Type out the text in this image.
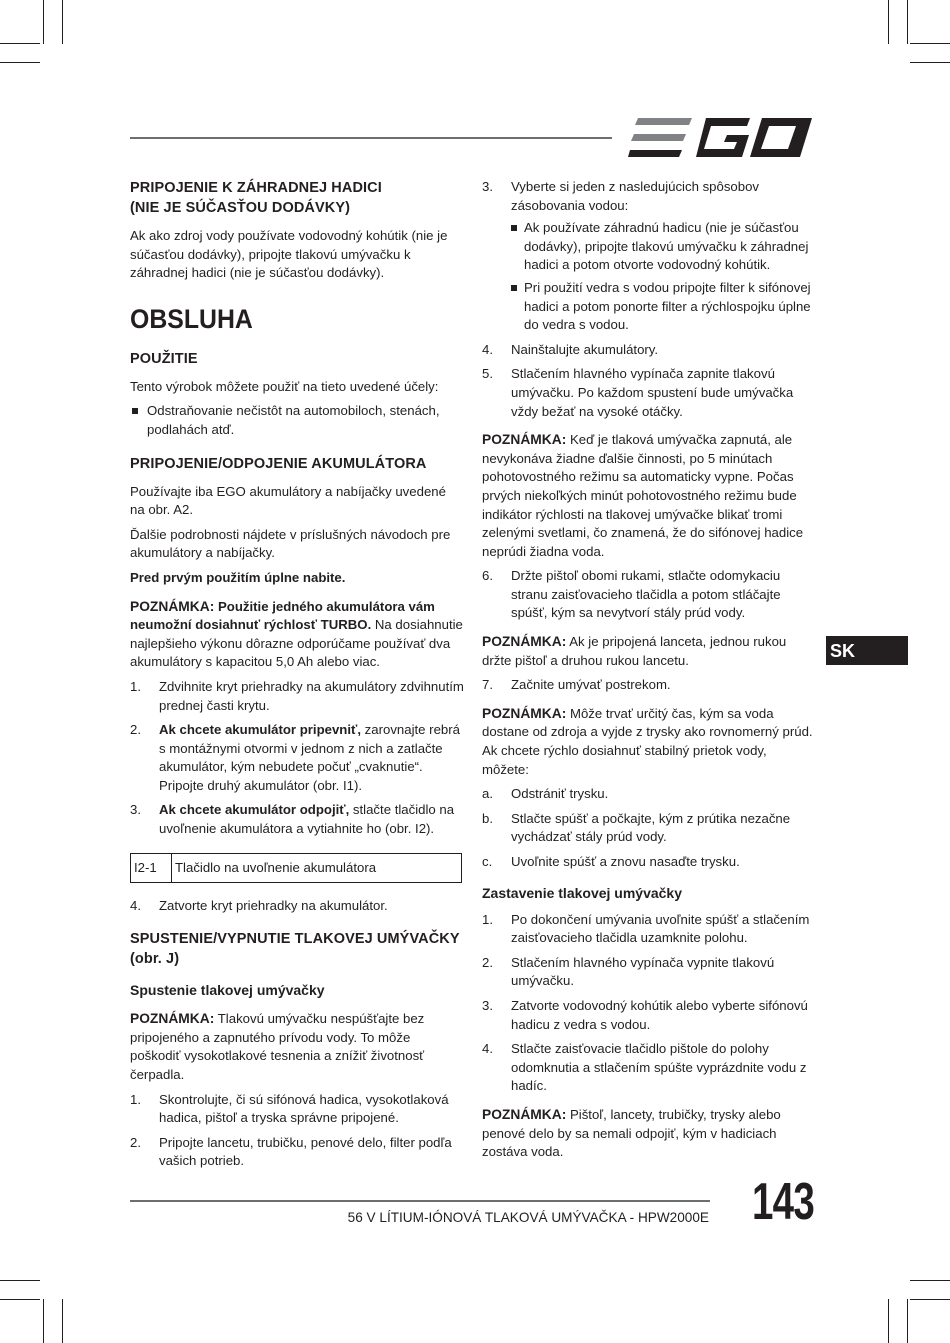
PRIPOJENIE K ZÁHRADNEJ HADICI
(NIE JE SÚČASŤOU DODÁVKY)

Ak ako zdroj vody používate vodovodný kohútik (nie je súčasťou dodávky), pripojte tlakovú umývačku k záhradnej hadici (nie je súčasťou dodávky).

OBSLUHA
POUŽITIE

Tento výrobok môžete použiť na tieto uvedené účely:

Odstraňovanie nečistôt na automobiloch, stenách, podlahách atď.
PRIPOJENIE/ODPOJENIE AKUMULÁTORA

Používajte iba EGO akumulátory a nabíjačky uvedené na obr. A2.

Ďalšie podrobnosti nájdete v príslušných návodoch pre akumulátory a nabíjačky.

Pred prvým použitím úplne nabite.

POZNÁMKA: Použitie jedného akumulátora vám neumožní dosiahnuť rýchlosť TURBO. Na dosiahnutie najlepšieho výkonu dôrazne odporúčame používať dva akumulátory s kapacitou 5,0 Ah alebo viac.

1. Zdvihnite kryt priehradky na akumulátory zdvihnutím prednej časti krytu.
2. Ak chcete akumulátor pripevniť, zarovnajte rebrá s montážnymi otvormi v jednom z nich a zatlačte akumulátor, kým nebudete počuť „cvaknutie“. Pripojte druhý akumulátor (obr. I1).
3. Ak chcete akumulátor odpojiť, stlačte tlačidlo na uvoľnenie akumulátora a vytiahnite ho (obr. I2).
I2-1	Tlačidlo na uvoľnenie akumulátora
4. Zatvorte kryt priehradky na akumulátor.
SPUSTENIE/VYPNUTIE TLAKOVEJ UMÝVAČKY
(obr. J)
Spustenie tlakovej umývačky

POZNÁMKA: Tlakovú umývačku nespúšťajte bez pripojeného a zapnutého prívodu vody. To môže poškodiť vysokotlakové tesnenia a znížiť životnosť čerpadla.

1. Skontrolujte, či sú sifónová hadica, vysokotlaková hadica, pištoľ a tryska správne pripojené.
2. Pripojte lancetu, trubičku, penové delo, filter podľa vašich potrieb.
3. Vyberte si jeden z nasledujúcich spôsobov zásobovania vodou:
Ak používate záhradnú hadicu (nie je súčasťou dodávky), pripojte tlakovú umývačku k záhradnej hadici a potom otvorte vodovodný kohútik.
Pri použití vedra s vodou pripojte filter k sifónovej hadici a potom ponorte filter a rýchlospojku úplne do vedra s vodou.
4. Nainštalujte akumulátory.
5. Stlačením hlavného vypínača zapnite tlakovú umývačku. Po každom spustení bude umývačka vždy bežať na vysoké otáčky.

POZNÁMKA: Keď je tlaková umývačka zapnutá, ale nevykonáva žiadne ďalšie činnosti, po 5 minútach pohotovostného režimu sa automaticky vypne. Počas prvých niekoľkých minút pohotovostného režimu bude indikátor rýchlosti na tlakovej umývačke blikať tromi zelenými svetlami, čo znamená, že do sifónovej hadice neprúdi žiadna voda.

6. Držte pištoľ obomi rukami, stlačte odomykaciu stranu zaisťovacieho tlačidla a potom stláčajte spúšť, kým sa nevytvorí stály prúd vody.

POZNÁMKA: Ak je pripojená lanceta, jednou rukou držte pištoľ a druhou rukou lancetu.

7. Začnite umývať postrekom.

POZNÁMKA: Môže trvať určitý čas, kým sa voda dostane od zdroja a vyjde z trysky ako rovnomerný prúd. Ak chcete rýchlo dosiahnuť stabilný prietok vody, môžete:

a. Odstrániť trysku.
b. Stlačte spúšť a počkajte, kým z prútika nezačne vychádzať stály prúd vody.
c. Uvoľnite spúšť a znovu nasaďte trysku.
Zastavenie tlakovej umývačky
1. Po dokončení umývania uvoľnite spúšť a stlačením zaisťovacieho tlačidla uzamknite polohu.
2. Stlačením hlavného vypínača vypnite tlakovú umývačku.
3. Zatvorte vodovodný kohútik alebo vyberte sifónovú hadicu z vedra s vodou.
4. Stlačte zaisťovacie tlačidlo pištole do polohy odomknutia a stlačením spúšte vyprázdnite vodu z hadíc.

POZNÁMKA: Pištoľ, lancety, trubičky, trysky alebo penové delo by sa nemali odpojiť, kým v hadiciach zostáva voda.

SK
56 V LÍTIUM-IÓNOVÁ TLAKOVÁ UMÝVAČKA - HPW2000E 143
